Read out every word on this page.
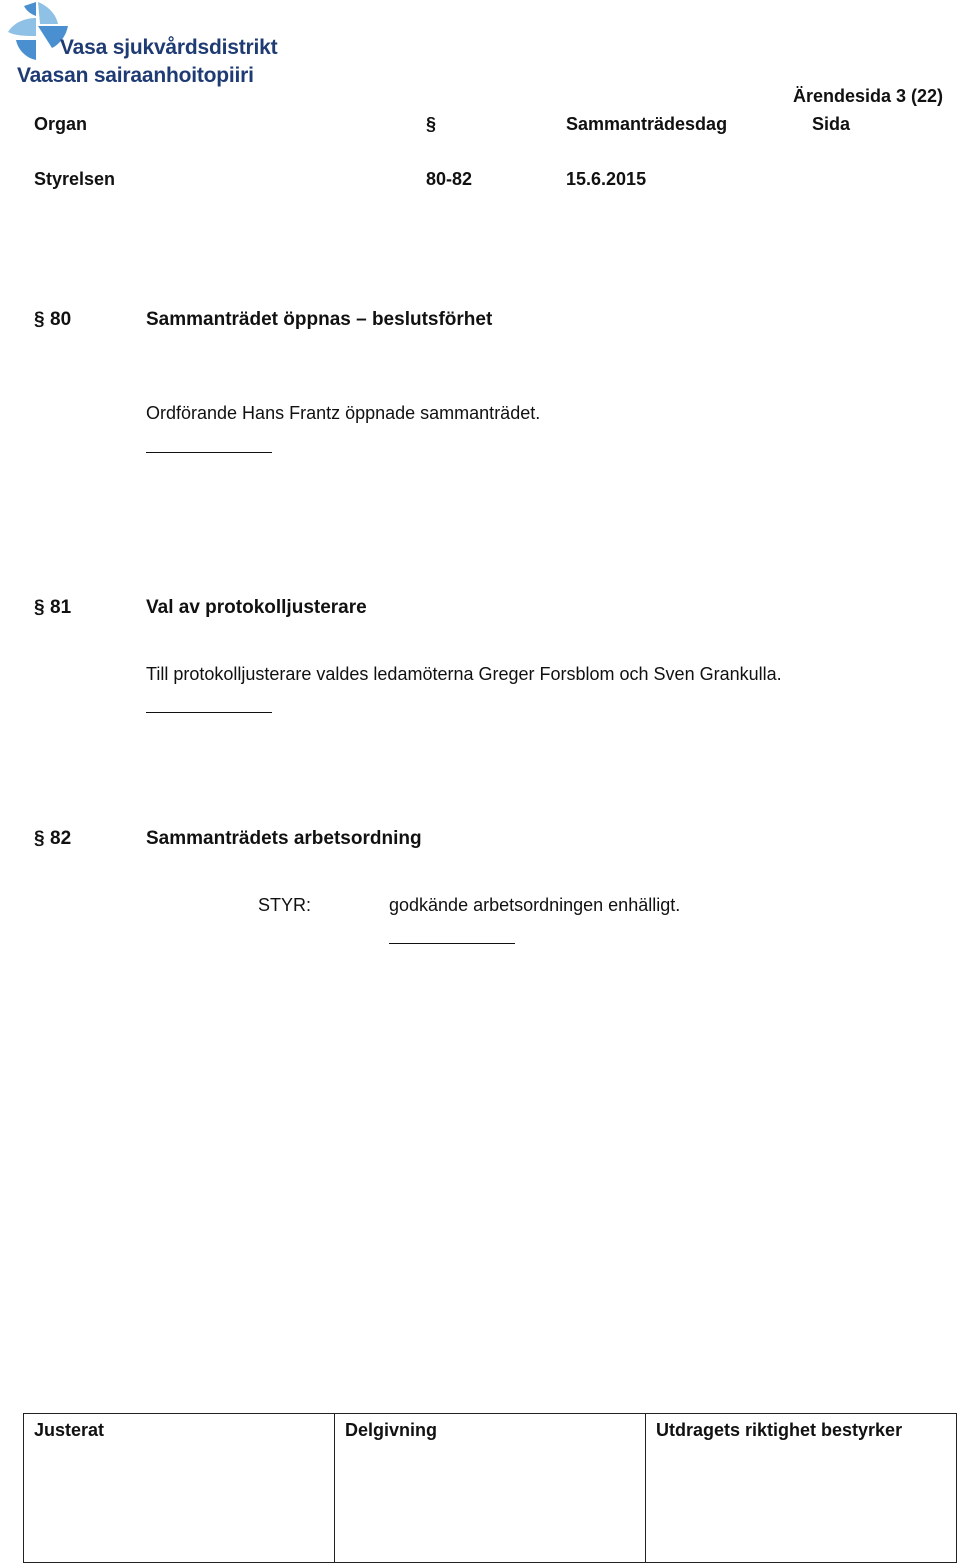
Vasa sjukvårdsdistrikt
Vaasan sairaanhoitopiiri
Ärendesida 3 (22)
Organ	§	Sammanträdesdag	Sida
Styrelsen	80-82	15.6.2015
§ 80	Sammanträdet öppnas – beslutsförhet
Ordförande Hans Frantz öppnade sammanträdet.
§ 81	Val av protokolljusterare
Till protokolljusterare valdes ledamöterna Greger Forsblom och Sven Grankulla.
§ 82	Sammanträdets arbetsordning
STYR:	godkände arbetsordningen enhälligt.
Justerat	Delgivning	Utdragets riktighet bestyrker
